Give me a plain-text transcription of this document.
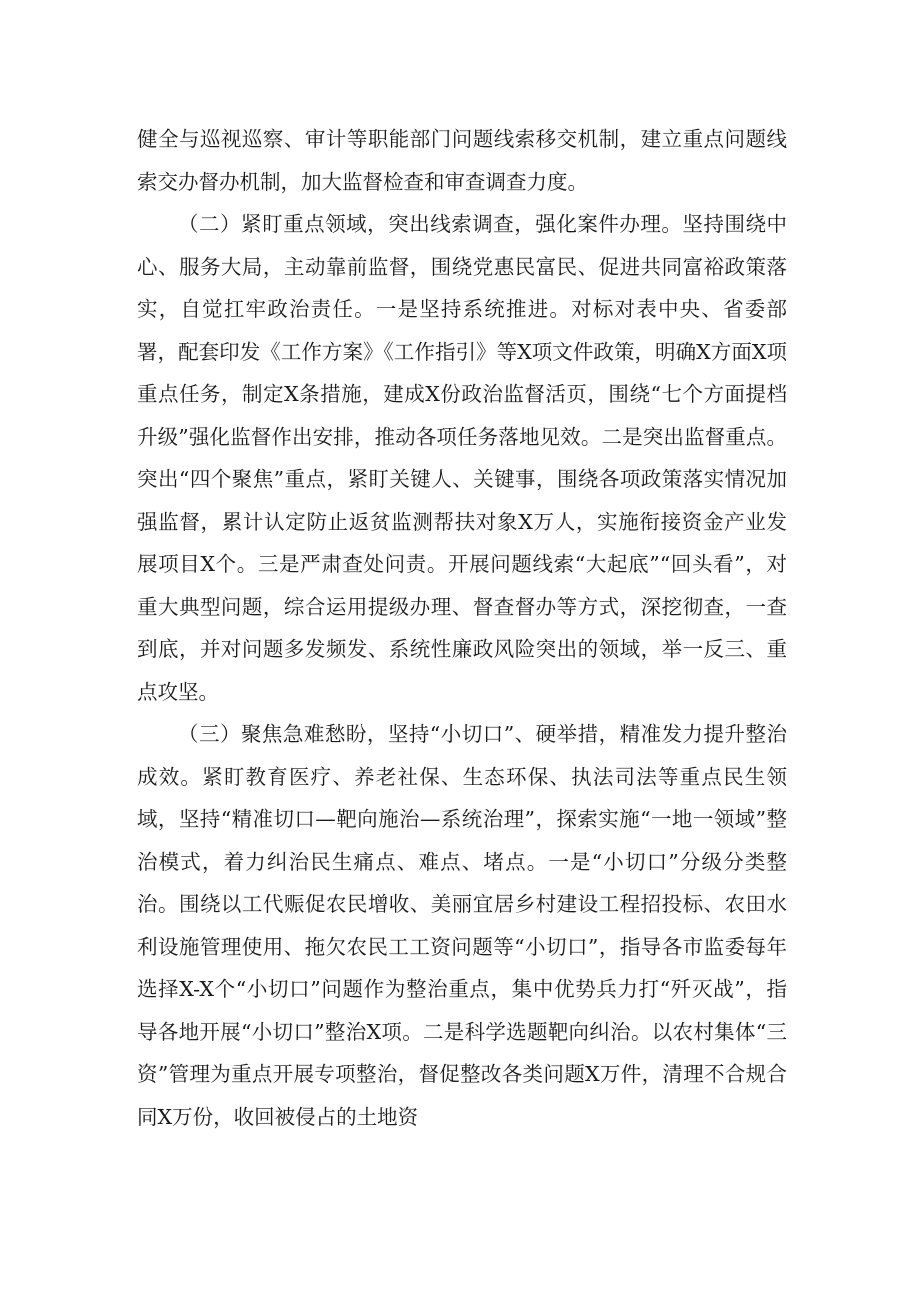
健全与巡视巡察、审计等职能部门问题线索移交机制，建立重点问题线索交办督办机制，加大监督检查和审查调查力度。

（二）紧盯重点领域，突出线索调查，强化案件办理。坚持围绕中心、服务大局，主动靠前监督，围绕党惠民富民、促进共同富裕政策落实，自觉扛牢政治责任。一是坚持系统推进。对标对表中央、省委部署，配套印发《工作方案》《工作指引》等X项文件政策，明确X方面X项重点任务，制定X条措施，建成X份政治监督活页，围绕“七个方面提档升级”强化监督作出安排，推动各项任务落地见效。二是突出监督重点。突出“四个聚焦”重点，紧盯关键人、关键事，围绕各项政策落实情况加强监督，累计认定防止返贫监测帮扶对象X万人，实施衔接资金产业发展项目X个。三是严肃查处问责。开展问题线索“大起底”“回头看”，对重大典型问题，综合运用提级办理、督查督办等方式，深挖彻查，一查到底，并对问题多发频发、系统性廉政风险突出的领域，举一反三、重点攻坚。

（三）聚焦急难愁盼，坚持“小切口”、硬举措，精准发力提升整治成效。紧盯教育医疗、养老社保、生态环保、执法司法等重点民生领域，坚持“精准切口—靶向施治—系统治理”，探索实施“一地一领域”整治模式，着力纠治民生痛点、难点、堵点。一是“小切口”分级分类整治。围绕以工代赈促农民增收、美丽宜居乡村建设工程招投标、农田水利设施管理使用、拖欠农民工工资问题等“小切口”，指导各市监委每年选择X-X个“小切口”问题作为整治重点，集中优势兵力打“歼灭战”，指导各地开展“小切口”整治X项。二是科学选题靶向纠治。以农村集体“三资”管理为重点开展专项整治，督促整改各类问题X万件，清理不合规合同X万份，收回被侵占的土地资
